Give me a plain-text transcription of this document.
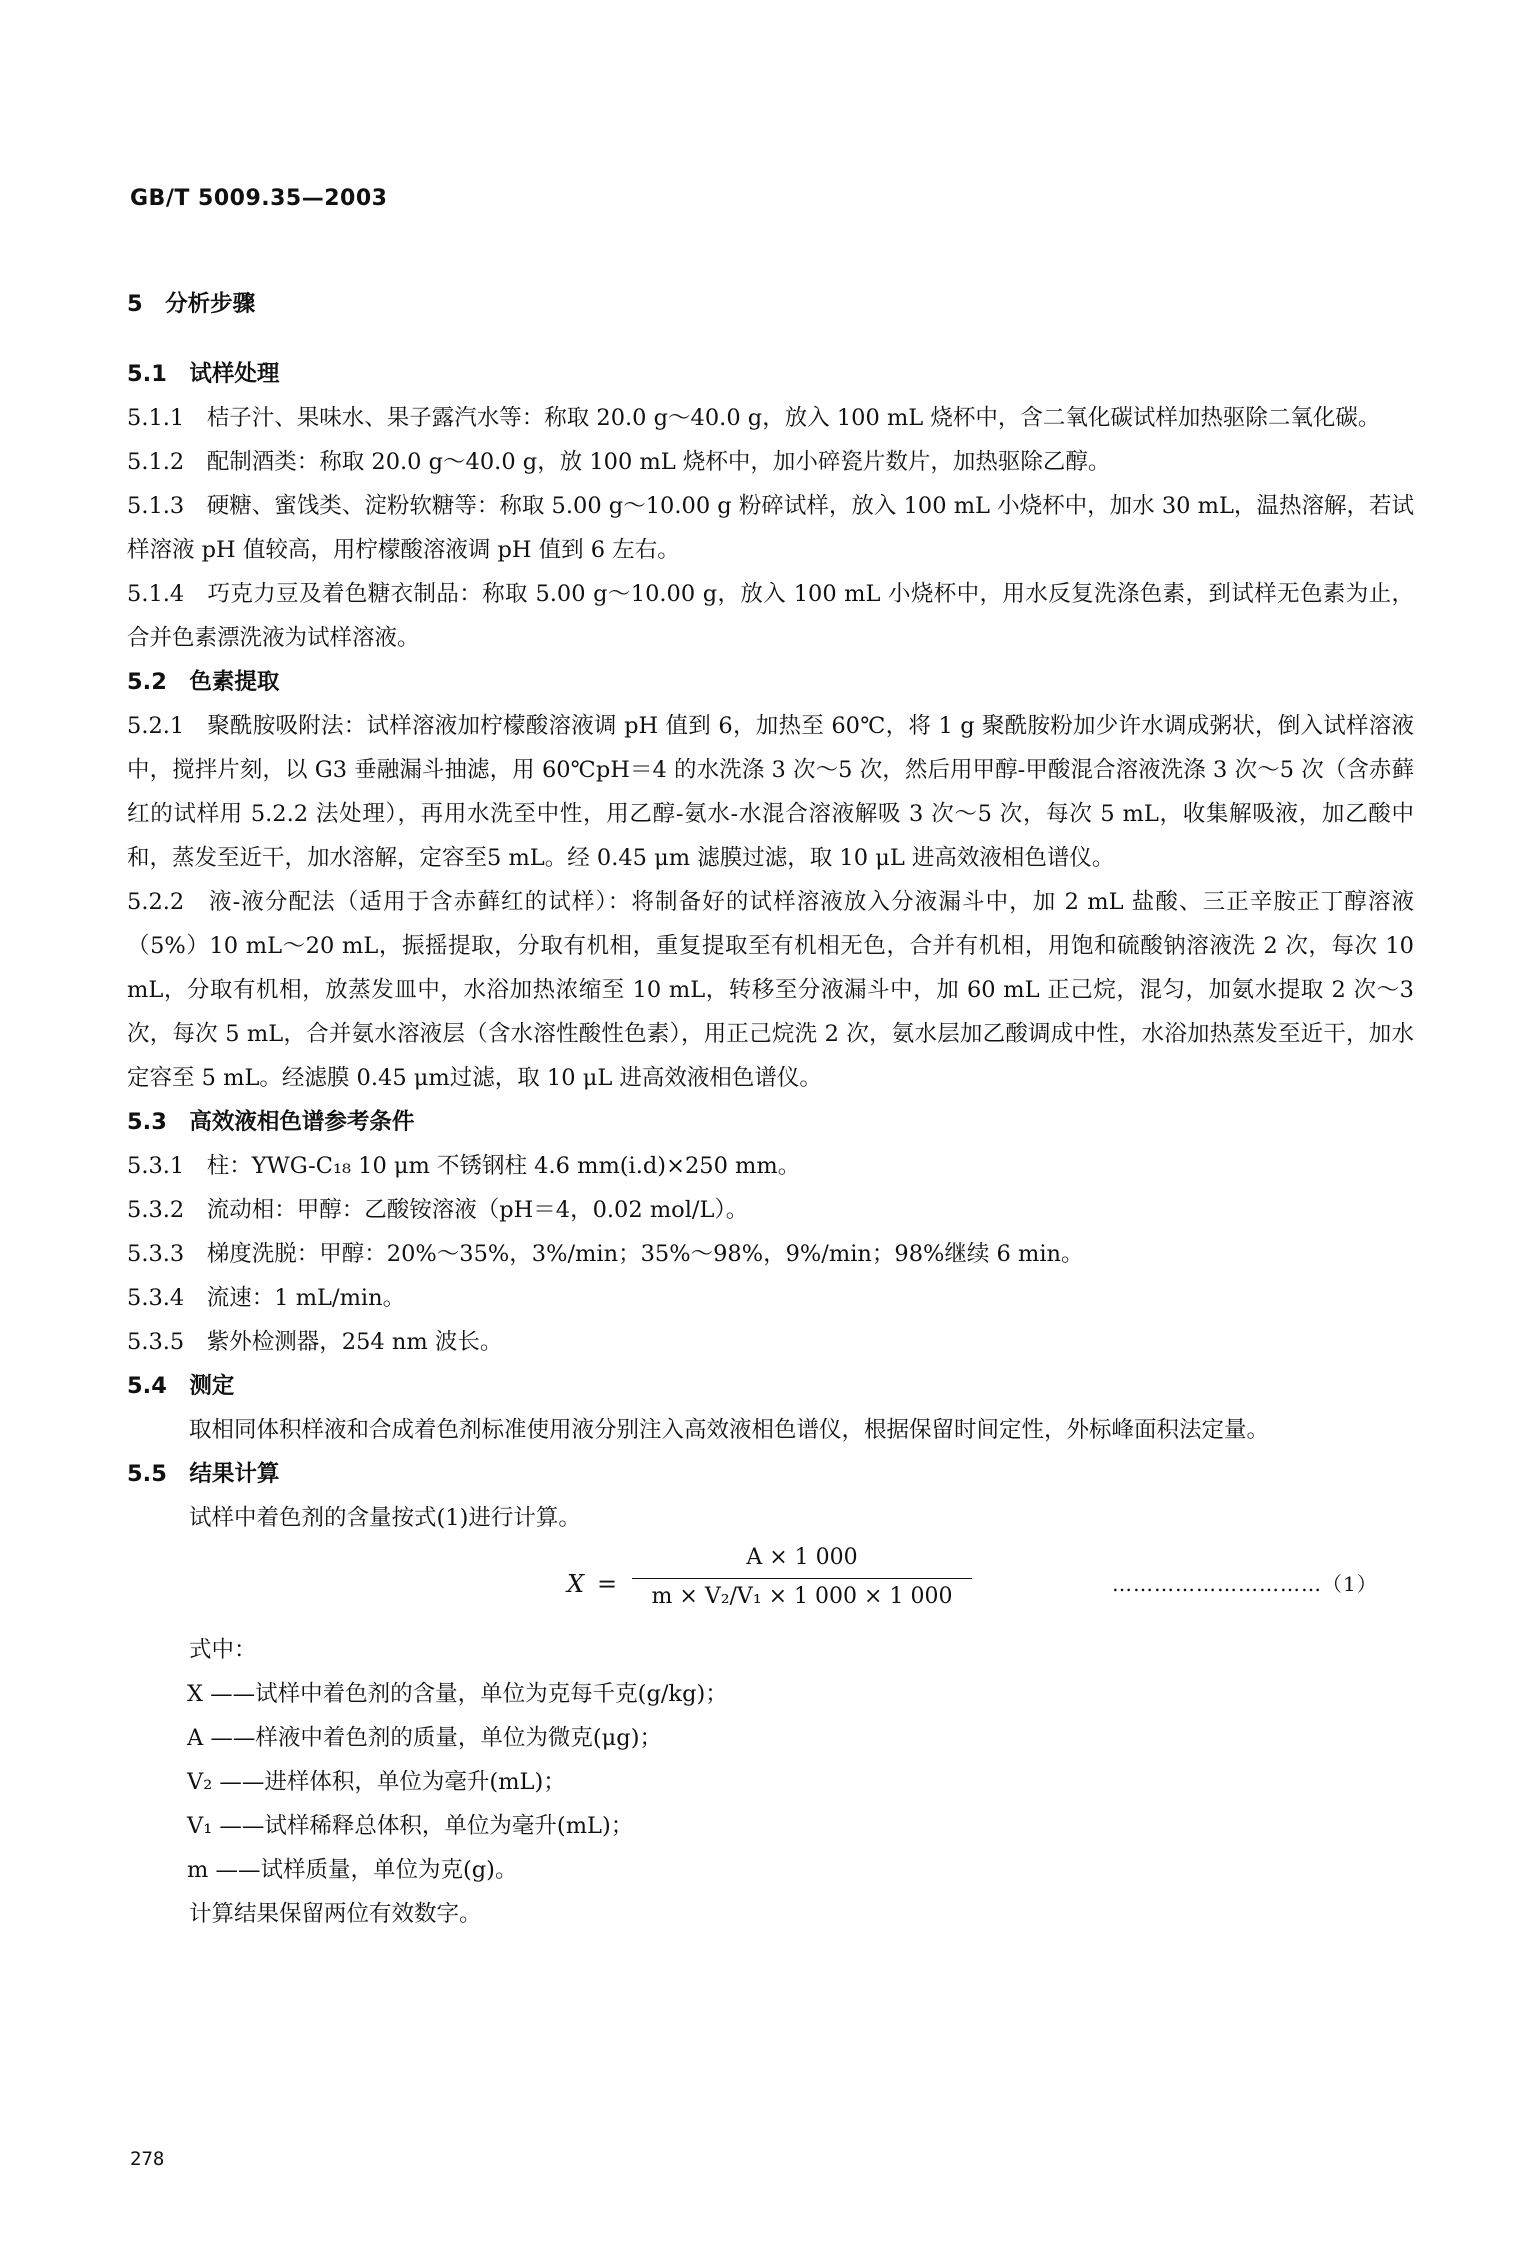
GB/T 5009.35—2003

5　分析步骤

5.1　试样处理

5.1.1　桔子汁、果味水、果子露汽水等：称取 20.0 g～40.0 g，放入 100 mL 烧杯中，含二氧化碳试样加热驱除二氧化碳。

5.1.2　配制酒类：称取 20.0 g～40.0 g，放 100 mL 烧杯中，加小碎瓷片数片，加热驱除乙醇。

5.1.3　硬糖、蜜饯类、淀粉软糖等：称取 5.00 g～10.00 g 粉碎试样，放入 100 mL 小烧杯中，加水 30 mL，温热溶解，若试样溶液 pH 值较高，用柠檬酸溶液调 pH 值到 6 左右。

5.1.4　巧克力豆及着色糖衣制品：称取 5.00 g～10.00 g，放入 100 mL 小烧杯中，用水反复洗涤色素，到试样无色素为止，合并色素漂洗液为试样溶液。

5.2　色素提取

5.2.1　聚酰胺吸附法：试样溶液加柠檬酸溶液调 pH 值到 6，加热至 60℃，将 1 g 聚酰胺粉加少许水调成粥状，倒入试样溶液中，搅拌片刻，以 G3 垂融漏斗抽滤，用 60℃pH＝4 的水洗涤 3 次～5 次，然后用甲醇-甲酸混合溶液洗涤 3 次～5 次（含赤藓红的试样用 5.2.2 法处理），再用水洗至中性，用乙醇-氨水-水混合溶液解吸 3 次～5 次，每次 5 mL，收集解吸液，加乙酸中和，蒸发至近干，加水溶解，定容至5 mL。经 0.45 μm 滤膜过滤，取 10 μL 进高效液相色谱仪。

5.2.2　液-液分配法（适用于含赤藓红的试样）：将制备好的试样溶液放入分液漏斗中，加 2 mL 盐酸、三正辛胺正丁醇溶液（5%）10 mL～20 mL，振摇提取，分取有机相，重复提取至有机相无色，合并有机相，用饱和硫酸钠溶液洗 2 次，每次 10 mL，分取有机相，放蒸发皿中，水浴加热浓缩至 10 mL，转移至分液漏斗中，加 60 mL 正己烷，混匀，加氨水提取 2 次～3 次，每次 5 mL，合并氨水溶液层（含水溶性酸性色素），用正己烷洗 2 次，氨水层加乙酸调成中性，水浴加热蒸发至近干，加水定容至 5 mL。经滤膜 0.45 μm过滤，取 10 μL 进高效液相色谱仪。

5.3　高效液相色谱参考条件

5.3.1　柱：YWG-C₁₈ 10 μm 不锈钢柱 4.6 mm(i.d)×250 mm。

5.3.2　流动相：甲醇：乙酸铵溶液（pH＝4，0.02 mol/L）。

5.3.3　梯度洗脱：甲醇：20%～35%，3%/min；35%～98%，9%/min；98%继续 6 min。

5.3.4　流速：1 mL/min。

5.3.5　紫外检测器，254 nm 波长。

5.4　测定

取相同体积样液和合成着色剂标准使用液分别注入高效液相色谱仪，根据保留时间定性，外标峰面积法定量。

5.5　结果计算

试样中着色剂的含量按式(1)进行计算。

$X = \frac{A \times 1 000}{\text{m × V₂/V₁ × 1 000 × 1 000}}$	…………………………（1）

式中：

X ——试样中着色剂的含量，单位为克每千克(g/kg)；

A ——样液中着色剂的质量，单位为微克(μg)；

V₂ ——进样体积，单位为毫升(mL)；

V₁ ——试样稀释总体积，单位为毫升(mL)；

m ——试样质量，单位为克(g)。

计算结果保留两位有效数字。

278
